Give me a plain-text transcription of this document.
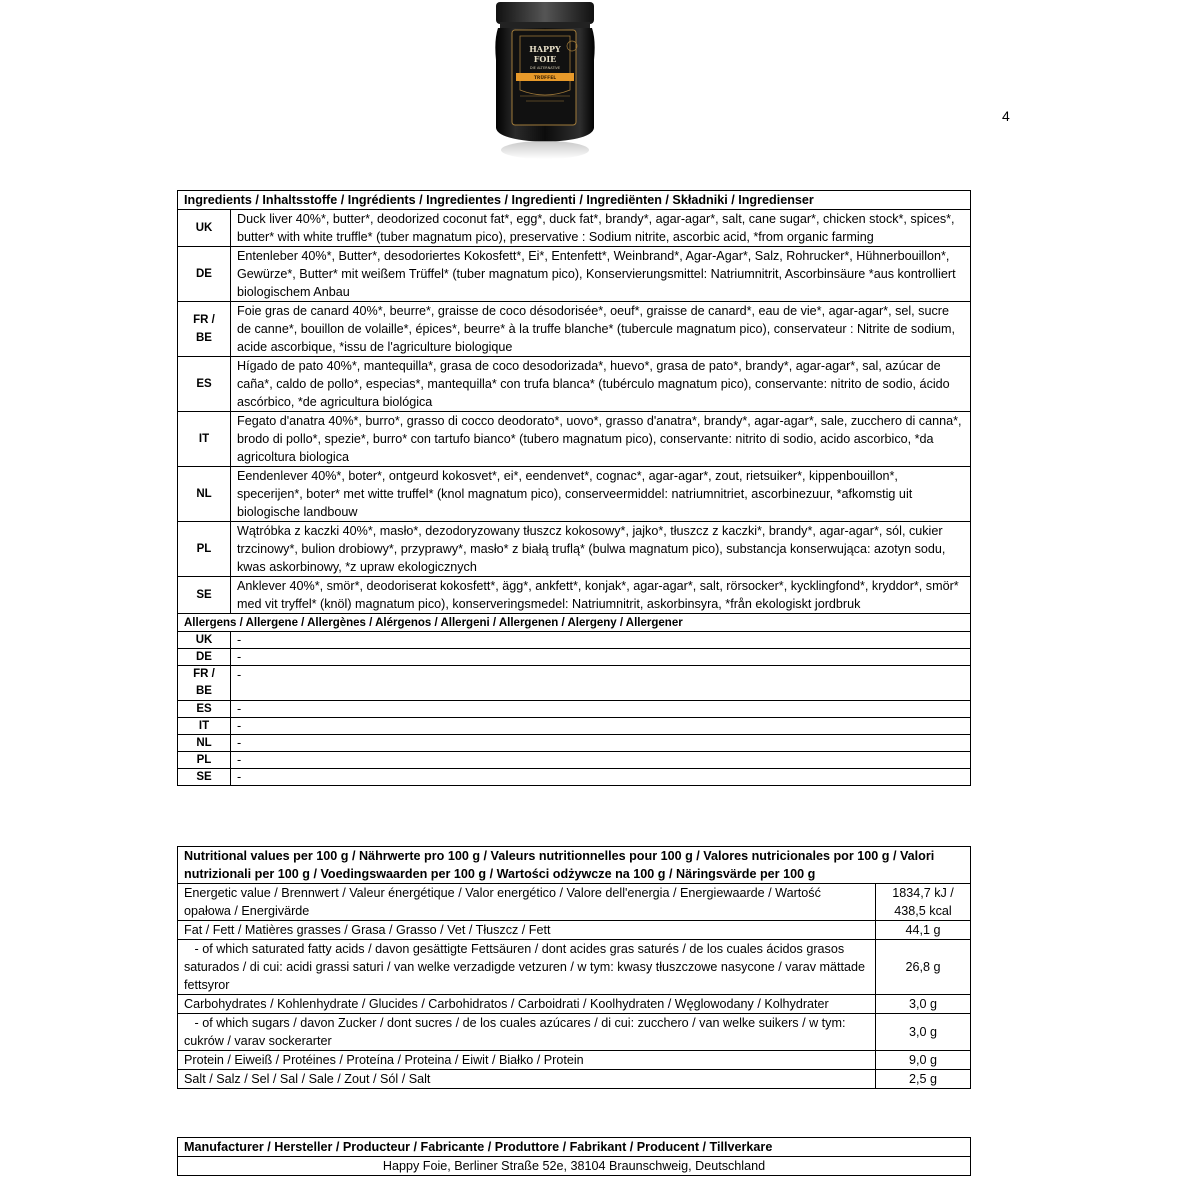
HAPPY
FOIE
DIE ALTERNATIVE
TRÜFFEL
4
Ingredients / Inhaltsstoffe / Ingrédients / Ingredientes / Ingredienti / Ingrediënten / Składniki / Ingredienser	
UK	Duck liver 40%*, butter*, deodorized coconut fat*, egg*, duck fat*, brandy*, agar-agar*, salt, cane sugar*, chicken stock*, spices*, butter* with white truffle* (tuber magnatum pico), preservative : Sodium nitrite, ascorbic acid, *from organic farming
DE	Entenleber 40%*, Butter*, desodoriertes Kokosfett*, Ei*, Entenfett*, Weinbrand*, Agar-Agar*, Salz, Rohrucker*, Hühnerbouillon*, Gewürze*, Butter* mit weißem Trüffel* (tuber magnatum pico), Konservierungsmittel: Natriumnitrit, Ascorbinsäure *aus kontrolliert biologischem Anbau
FR / BE	Foie gras de canard 40%*, beurre*, graisse de coco désodorisée*, oeuf*, graisse de canard*, eau de vie*, agar-agar*, sel, sucre de canne*, bouillon de volaille*, épices*, beurre* à la truffe blanche* (tubercule magnatum pico), conservateur : Nitrite de sodium, acide ascorbique, *issu de l'agriculture biologique
ES	Hígado de pato 40%*, mantequilla*, grasa de coco desodorizada*, huevo*, grasa de pato*, brandy*, agar-agar*, sal, azúcar de caña*, caldo de pollo*, especias*, mantequilla* con trufa blanca* (tubérculo magnatum pico), conservante: nitrito de sodio, ácido ascórbico, *de agricultura biológica
IT	Fegato d'anatra 40%*, burro*, grasso di cocco deodorato*, uovo*, grasso d'anatra*, brandy*, agar-agar*, sale, zucchero di canna*, brodo di pollo*, spezie*, burro* con tartufo bianco* (tubero magnatum pico), conservante: nitrito di sodio, acido ascorbico, *da agricoltura biologica
NL	Eendenlever 40%*, boter*, ontgeurd kokosvet*, ei*, eendenvet*, cognac*, agar-agar*, zout, rietsuiker*, kippenbouillon*, specerijen*, boter* met witte truffel* (knol magnatum pico), conserveermiddel: natriumnitriet, ascorbinezuur, *afkomstig uit biologische landbouw
PL	Wątróbka z kaczki 40%*, masło*, dezodoryzowany tłuszcz kokosowy*, jajko*, tłuszcz z kaczki*, brandy*, agar-agar*, sól, cukier trzcinowy*, bulion drobiowy*, przyprawy*, masło* z białą truflą* (bulwa magnatum pico), substancja konserwująca: azotyn sodu, kwas askorbinowy, *z upraw ekologicznych
SE	Anklever 40%*, smör*, deodoriserat kokosfett*, ägg*, ankfett*, konjak*, agar-agar*, salt, rörsocker*, kycklingfond*, kryddor*, smör* med vit tryffel* (knöl) magnatum pico), konserveringsmedel: Natriumnitrit, askorbinsyra, *från ekologiskt jordbruk
Allergens / Allergene / Allergènes / Alérgenos / Allergeni / Allergenen / Alergeny / Allergener	
UK	-
DE	-
FR / BE	-
ES	-
IT	-
NL	-
PL	-
SE	-
Nutritional values per 100 g / Nährwerte pro 100 g / Valeurs nutritionnelles pour 100 g / Valores nutricionales por 100 g / Valori nutrizionali per 100 g / Voedingswaarden per 100 g / Wartości odżywcze na 100 g / Näringsvärde per 100 g	
Energetic value / Brennwert / Valeur énergétique / Valor energético / Valore dell'energia / Energiewaarde / Wartość opałowa / Energivärde	1834,7 kJ / 438,5 kcal
Fat / Fett / Matières grasses / Grasa / Grasso / Vet / Tłuszcz / Fett	44,1 g
- of which saturated fatty acids / davon gesättigte Fettsäuren / dont acides gras saturés / de los cuales ácidos grasos saturados / di cui: acidi grassi saturi / van welke verzadigde vetzuren / w tym: kwasy tłuszczowe nasycone / varav mättade fettsyror	26,8 g
Carbohydrates / Kohlenhydrate / Glucides / Carbohidratos / Carboidrati / Koolhydraten / Węglowodany / Kolhydrater	3,0 g
- of which sugars / davon Zucker / dont sucres / de los cuales azúcares / di cui: zucchero / van welke suikers / w tym: cukrów / varav sockerarter	3,0 g
Protein / Eiweiß / Protéines / Proteína / Proteina / Eiwit / Białko / Protein	9,0 g
Salt / Salz / Sel / Sal / Sale / Zout / Sól / Salt	2,5 g
Manufacturer / Hersteller / Producteur / Fabricante / Produttore / Fabrikant / Producent / Tillverkare
Happy Foie, Berliner Straße 52e, 38104 Braunschweig, Deutschland
